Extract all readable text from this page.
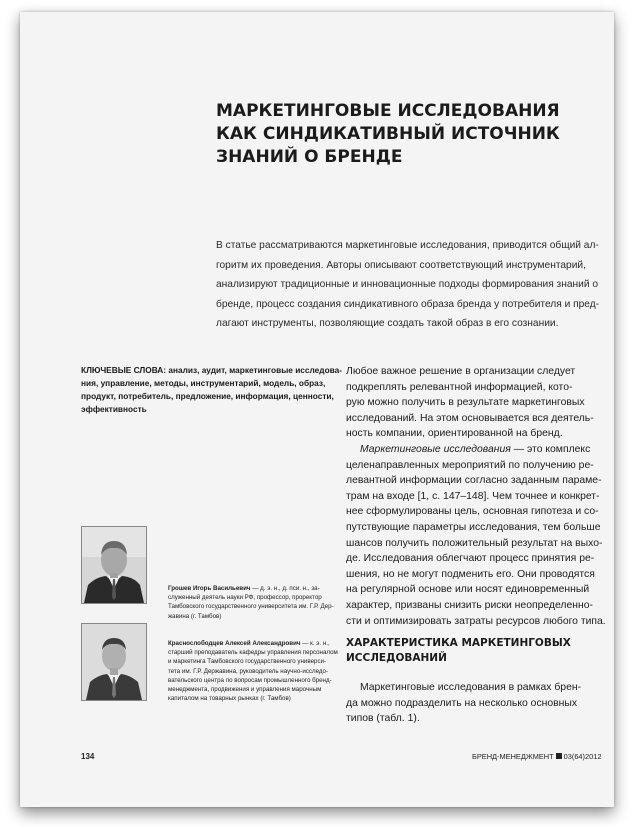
МАРКЕТИНГОВЫЕ ИССЛЕДОВАНИЯ
КАК СИНДИКАТИВНЫЙ ИСТОЧНИК
ЗНАНИЙ О БРЕНДЕ
В статье рассматриваются маркетинговые исследования, приводится общий ал-
горитм их проведения. Авторы описывают соответствующий инструментарий,
анализируют традиционные и инновационные подходы формирования знаний о
бренде, процесс создания синдикативного образа бренда у потребителя и пред-
лагают инструменты, позволяющие создать такой образ в его сознании.
КЛЮЧЕВЫЕ СЛОВА: анализ, аудит, маркетинговые исследова-
ния, управление, методы, инструментарий, модель, образ,
продукт, потребитель, предложение, информация, ценности,
эффективность
Любое важное решение в организации следует
подкреплять релевантной информацией, кото-
рую можно получить в результате маркетинговых
исследований. На этом основывается вся деятель-
ность компании, ориентированной на бренд.
Маркетинговые исследования — это комплекс
целенаправленных мероприятий по получению ре-
левантной информации согласно заданным параме-
трам на входе [1, с. 147–148]. Чем точнее и конкрет-
нее сформулированы цель, основная гипотеза и со-
путствующие параметры исследования, тем больше
шансов получить положительный результат на выхо-
де. Исследования облегчают процесс принятия ре-
шения, но не могут подменить его. Они проводятся
на регулярной основе или носят единовременный
характер, призваны снизить риски неопределенно-
сти и оптимизировать затраты ресурсов любого типа.
ХАРАКТЕРИСТИКА МАРКЕТИНГОВЫХ
ИССЛЕДОВАНИЙ
Маркетинговые исследования в рамках брен-
да можно подразделить на несколько основных
типов (табл. 1).
Грошев Игорь Васильевич — д. э. н., д. пси. н., за-
служенный деятель науки РФ, профессор, проректор
Тамбовского государственного университета им. Г.Р. Дер-
жавина (г. Тамбов)
Краснослободцев Алексей Александрович — к. э. н.,
старший преподаватель кафедры управления персоналом
и маркетинга Тамбовского государственного универси-
тета им. Г.Р. Державина, руководитель научно-исследо-
вательского центра по вопросам промышленного бренд-
менеджмента, продвижения и управления марочным
капиталом на товарных рынках (г. Тамбов)
134	БРЕНД-МЕНЕДЖМЕНТ 03(64)2012
